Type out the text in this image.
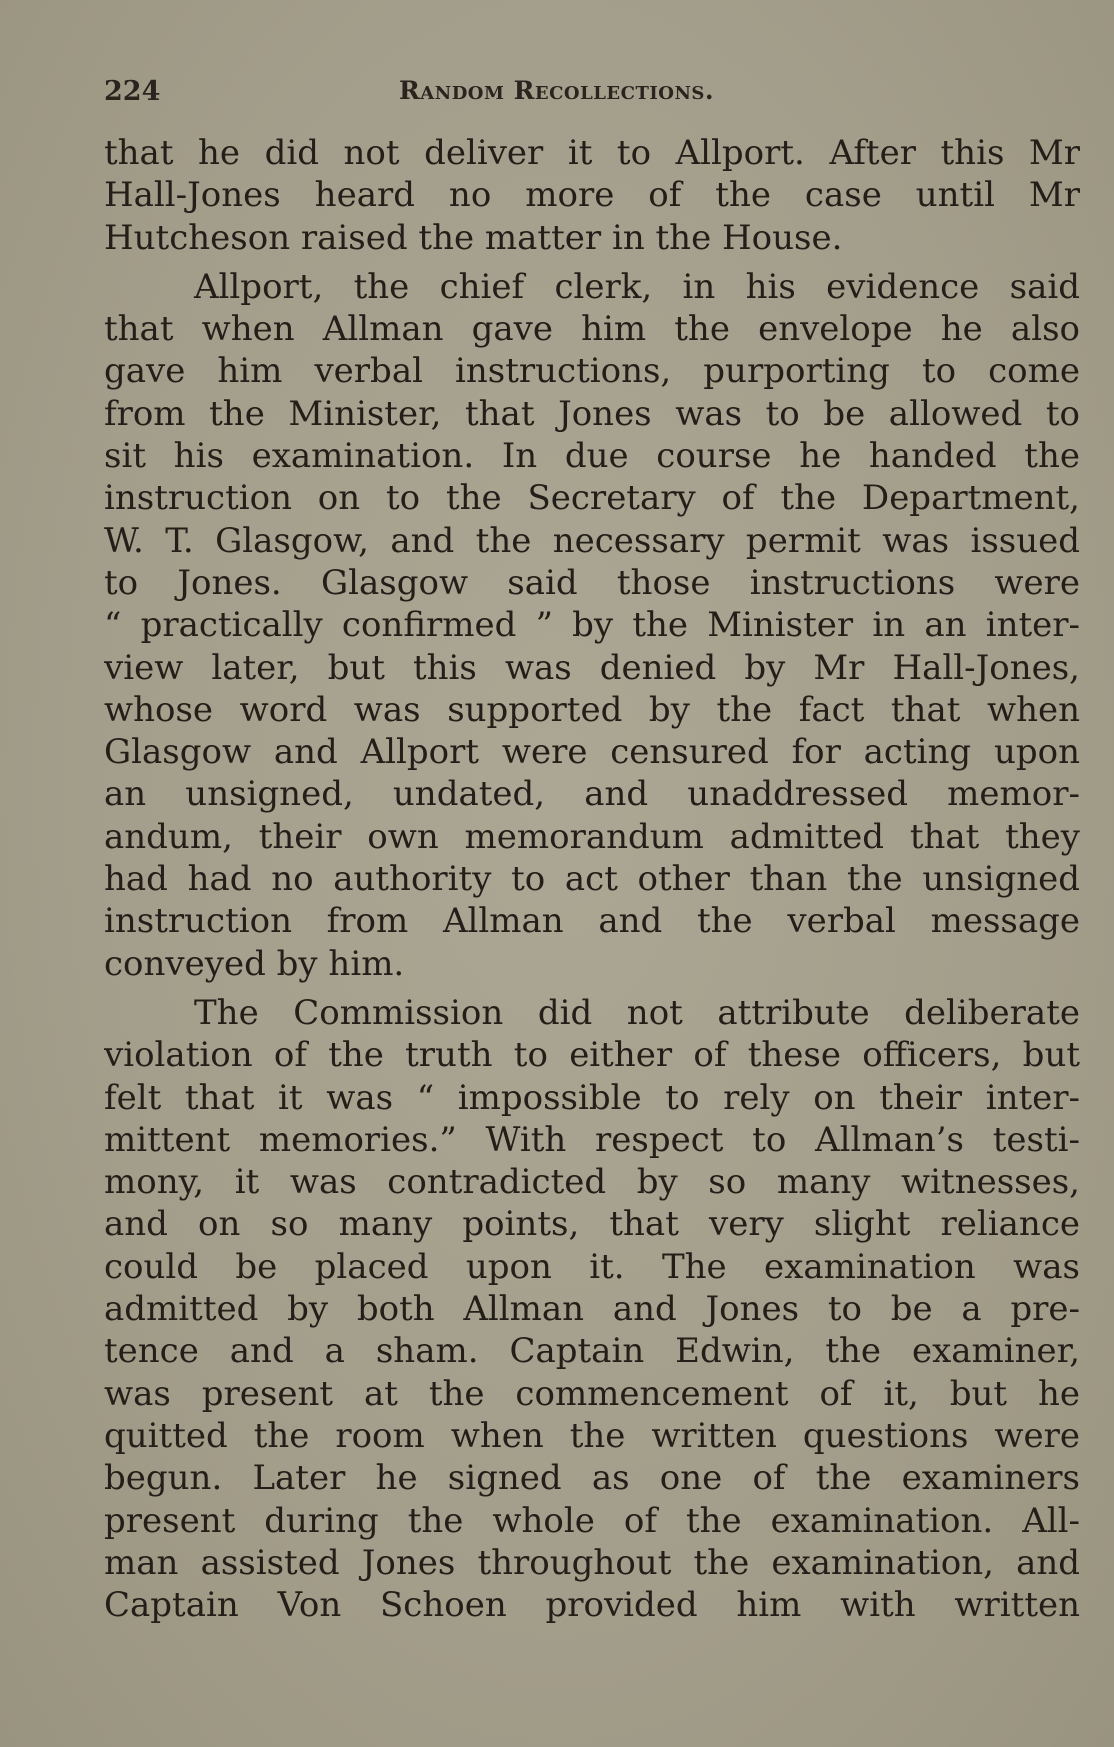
224	Random Recollections.
that he did not deliver it to Allport. After this Mr
Hall-Jones heard no more of the case until Mr
Hutcheson raised the matter in the House.
Allport, the chief clerk, in his evidence said
that when Allman gave him the envelope he also
gave him verbal instructions, purporting to come
from the Minister, that Jones was to be allowed to
sit his examination. In due course he handed the
instruction on to the Secretary of the Department,
W. T. Glasgow, and the necessary permit was issued
to Jones. Glasgow said those instructions were
“ practically confirmed ” by the Minister in an inter-
view later, but this was denied by Mr Hall-Jones,
whose word was supported by the fact that when
Glasgow and Allport were censured for acting upon
an unsigned, undated, and unaddressed memor-
andum, their own memorandum admitted that they
had had no authority to act other than the unsigned
instruction from Allman and the verbal message
conveyed by him.
The Commission did not attribute deliberate
violation of the truth to either of these officers, but
felt that it was “ impossible to rely on their inter-
mittent memories.” With respect to Allman’s testi-
mony, it was contradicted by so many witnesses,
and on so many points, that very slight reliance
could be placed upon it. The examination was
admitted by both Allman and Jones to be a pre-
tence and a sham. Captain Edwin, the examiner,
was present at the commencement of it, but he
quitted the room when the written questions were
begun. Later he signed as one of the examiners
present during the whole of the examination. All-
man assisted Jones throughout the examination, and
Captain Von Schoen provided him with written
